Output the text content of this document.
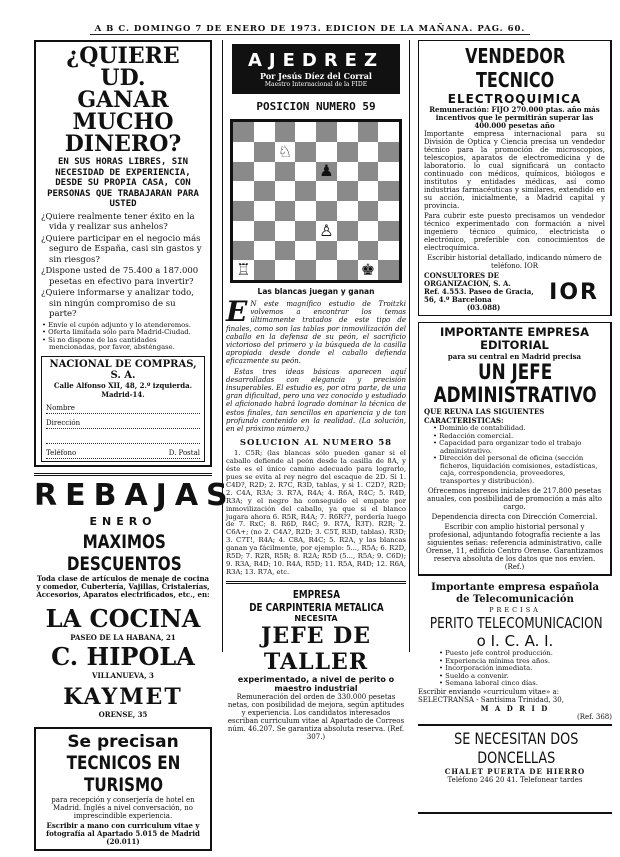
A B C. DOMINGO 7 DE ENERO DE 1973. EDICION DE LA MAÑANA. PAG. 60.
¿QUIERE UD.
GANAR MUCHO
DINERO?
EN SUS HORAS LIBRES, SIN NECESIDAD DE EXPERIENCIA, DESDE SU PROPIA CASA, CON PERSONAS QUE TRABAJARAN PARA USTED
¿Quiere realmente tener éxito en la vida y realizar sus anhelos?
¿Quiere participar en el negocio más seguro de España, casi sin gastos y sin riesgos?
¿Dispone usted de 75.400 a 187.000 pesetas en efectivo para invertir?
¿Quiere informarse y analizar todo, sin ningún compromiso de su parte?
• Envíe el cupón adjunto y lo atenderemos.
• Oferta limitada sólo para Madrid-Ciudad.
• Si no dispone de las cantidades mencionadas, por favor, absténgase.
NACIONAL DE COMPRAS, S. A.
Calle Alfonso XII, 48, 2.º izquierda. Madrid-14.
Nombre
Dirección
Teléfono	D. Postal
REBAJAS
ENERO
MAXIMOS DESCUENTOS
Toda clase de artículos de menaje de cocina y comedor, Cubertería, Vajillas, Cristalerías, Accesorios, Aparatos electrificados, etc., en:
LA COCINA
PASEO DE LA HABANA, 21
C. HIPOLA
VILLANUEVA, 3
KAYMET
ORENSE, 35
Se precisan
TECNICOS EN TURISMO
para recepción y conserjería de hotel en Madrid. Inglés a nivel conversación, no imprescindible experiencia.
Escribir a mano con curriculum vitae y fotografía al Apartado 5.015 de Madrid (20.011)
AJEDREZ
Por Jesús Díez del Corral
Maestro Internacional de la FIDE
POSICION NUMERO 59
♘
♟
♙
♖	♚
Las blancas juegan y ganan
E N este magnífico estudio de Troitzki volvemos a encontrar los temas últimamente tratados de este tipo de finales, como son las tablas por inmovilización del caballo en la defensa de su peón, el sacrificio victorioso del primero y la búsqueda de la casilla apropiada desde donde el caballo defienda eficazmente su peón.
Estas tres ideas básicas aparecen aquí desarrolladas con elegancia y precisión insuperables. El estudio es, por otra parte, de una gran dificultad, pero una vez conocido y estudiado el aficionado habrá logrado dominar la técnica de estos finales, tan sencillos en apariencia y de tan profundo contenido en la realidad. (La solución, en el próximo número.)
SOLUCION AL NUMERO 58
1. C5R; (las blancas sólo pueden ganar si el caballo defiende al peón desde la casilla de 8A, y éste es el único camino adecuado para lograrlo, pues se evita al rey negro del escaque de 2D. Si 1. C4D?, R2D; 2. R7C, R3D, tablas, y si 1. C2D?, R2D; 2. C4A, R3A; 3. R7A, R4A; 4. R6A, R4C; 5. R4D, R3A; y el negro ha conseguido el empate por inmovilización del caballo, ya que si el blanco jugara ahora 6. R5R, R4A; 7. R6R??, perdería luego de 7. RxC; 8. R6D, R4C; 9. R7A, R3T). R2R; 2. C6A+; (no 2. C4A?, R2D; 3. C5T, R3D, tablas). R3D; 3. C7T!, R4A; 4. C8A, R4C; 5. R2A, y las blancas ganan ya fácilmente, por ejemplo: 5..., R5A; 6. R2D, R5D; 7. R2R, R5R; 8. R2A; R5D (5..., R5A; 9. C6D); 9. R3A, R4D; 10. R4A, R5D; 11. R5A, R4D; 12. R6A, R3A; 13. R7A, etc.
EMPRESA
DE CARPINTERIA METALICA
NECESITA
JEFE DE TALLER
experimentado, a nivel de perito o maestro industrial
Remuneración del orden de 330.000 pesetas netas, con posibilidad de mejora, según aptitudes y experiencia. Los candidatos interesados escriban curriculum vitae al Apartado de Correos núm. 46.207. Se garantiza absoluta reserva. (Ref. 307.)
VENDEDOR TECNICO
ELECTROQUIMICA
Remuneración: FIJO 270.000 ptas. año más incentivos que le permitirán superar las 400.000 pesetas año
Importante empresa internacional para su División de Optica y Ciencia precisa un vendedor técnico para la promoción de microscopios, telescopios, aparatos de electromedicina y de laboratorio. lo cual significará un contacto continuado con médicos, químicos, biólogos e institutos y entidades médicas, así como industrias farmacéuticas y similares, extendido en su acción, inicialmente, a Madrid capital y provincia.
Para cubrir este puesto precisamos un vendedor técnico experimentado con formación a nivel ingeniero técnico químico, electricista o electrónico, preferible con conocimientos de electroquímica.
Escribir historial detallado, indicando número de teléfono. IOR
CONSULTORES DE ORGANIZACION, S. A.
Ref. 4.553. Paseo de Gracia, 56, 4.º Barcelona
(03.088)
IOR
IMPORTANTE EMPRESA EDITORIAL
para su central en Madrid precisa
UN JEFE ADMINISTRATIVO
QUE REUNA LAS SIGUIENTES CARACTERISTICAS:
• Dominio de contabilidad.
• Redacción comercial.
• Capacidad para organizar todo el trabajo administrativo.
• Dirección del personal de oficina (sección ficheros, liquidación comisiones, estadísticas, caja, correspondencia, proveedores, transportes y distribución).
Ofrecemos ingresos iniciales de 217.800 pesetas anuales, con posibilidad de promoción a más alto cargo.
Dependencia directa con Dirección Comercial.
Escribir con amplio historial personal y profesional, adjuntando fotografía reciente a las siguientes señas: referencia administrativo, calle Orense, 11, edificio Centro Orense. Garantizamos reserva absoluta de los datos que nos envíen. (Ref.)
Importante empresa española
de Telecomunicación
PRECISA
PERITO TELECOMUNICACION
o I. C. A. I.
• Puesto jefe control producción.
• Experiencia mínima tres años.
• Incorporación inmediata.
• Sueldo a convenir.
• Semana laboral cinco días.
Escribir enviando «curriculum vitae» a: SELECTRANSA - Santísima Trinidad, 30,
M A D R I D
(Ref. 368)
SE NECESITAN DOS DONCELLAS
CHALET PUERTA DE HIERRO
Teléfono 246 20 41. Telefonear tardes
